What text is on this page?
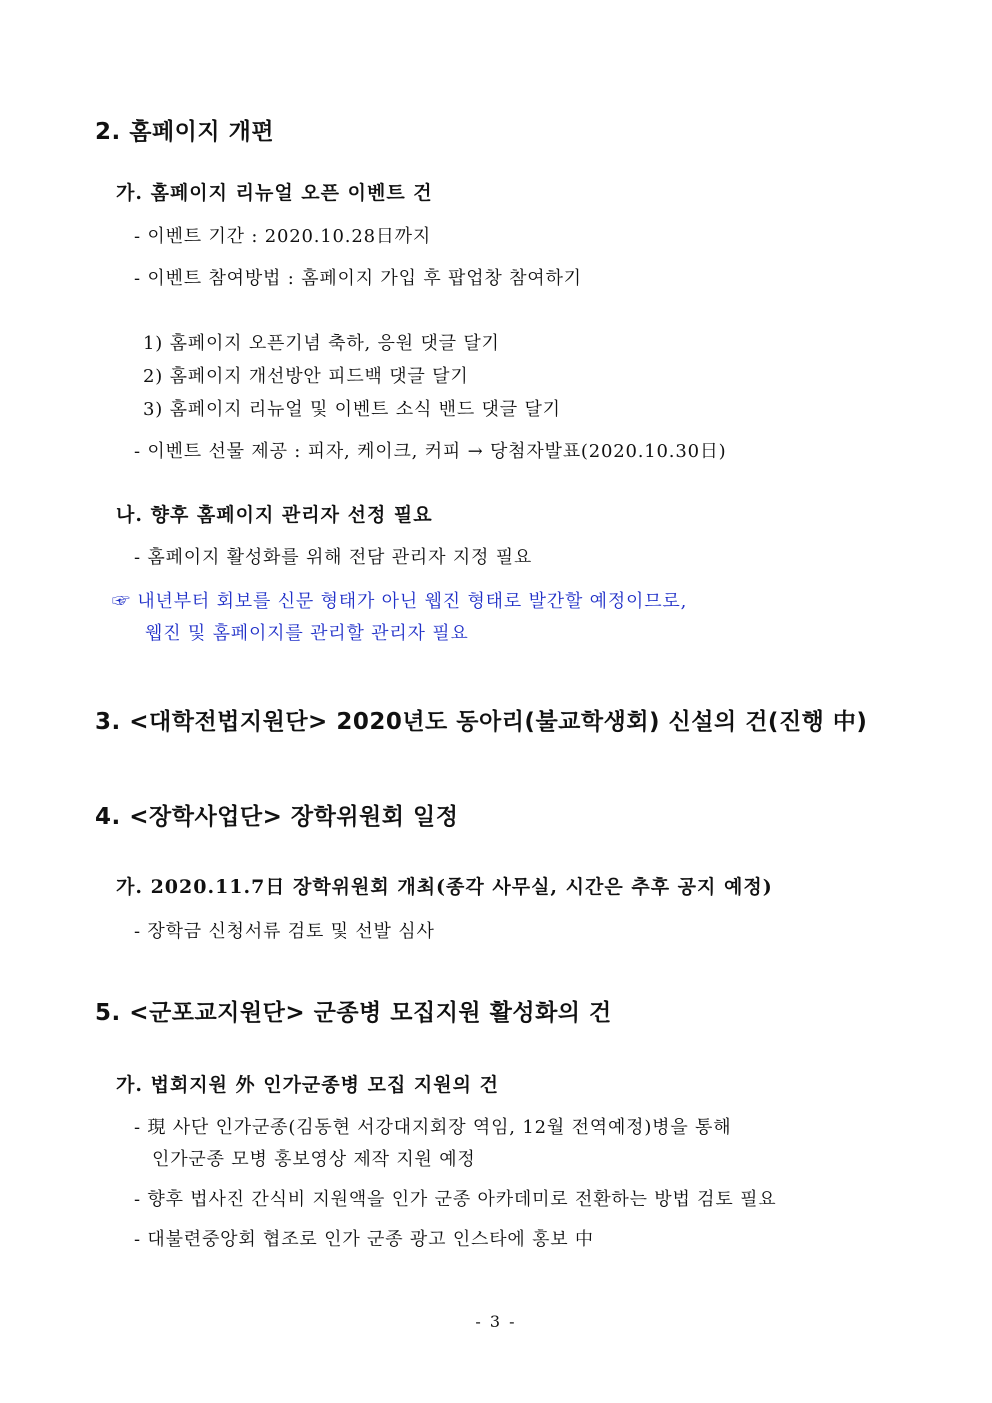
2. 홈페이지 개편
가. 홈페이지 리뉴얼 오픈 이벤트 건
- 이벤트 기간 : 2020.10.28日까지
- 이벤트 참여방법 : 홈페이지 가입 후 팝업창 참여하기
1) 홈페이지 오픈기념 축하, 응원 댓글 달기
2) 홈페이지 개선방안 피드백 댓글 달기
3) 홈페이지 리뉴얼 및 이벤트 소식 밴드 댓글 달기
- 이벤트 선물 제공 : 피자, 케이크, 커피 → 당첨자발표(2020.10.30日)
나. 향후 홈페이지 관리자 선정 필요
- 홈페이지 활성화를 위해 전담 관리자 지정 필요
☞ 내년부터 회보를 신문 형태가 아닌 웹진 형태로 발간할 예정이므로,
웹진 및 홈페이지를 관리할 관리자 필요
3. <대학전법지원단> 2020년도 동아리(불교학생회) 신설의 건(진행 中)
4. <장학사업단> 장학위원회 일정
가. 2020.11.7日 장학위원회 개최(종각 사무실, 시간은 추후 공지 예정)
- 장학금 신청서류 검토 및 선발 심사
5. <군포교지원단> 군종병 모집지원 활성화의 건
가. 법회지원 外 인가군종병 모집 지원의 건
- 現 사단 인가군종(김동현 서강대지회장 역임, 12월 전역예정)병을 통해
인가군종 모병 홍보영상 제작 지원 예정
- 향후 법사진 간식비 지원액을 인가 군종 아카데미로 전환하는 방법 검토 필요
- 대불련중앙회 협조로 인가 군종 광고 인스타에 홍보 中
- 3 -
